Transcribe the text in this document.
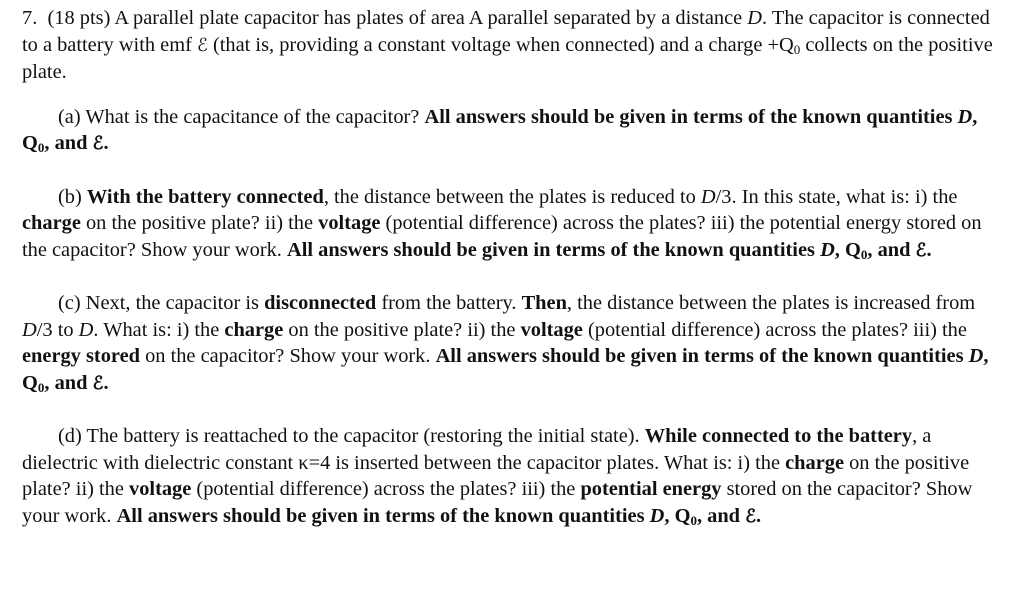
7. (18 pts) A parallel plate capacitor has plates of area A parallel separated by a distance D. The capacitor is connected to a battery with emf ℰ (that is, providing a constant voltage when connected) and a charge $+Q_0$ collects on the positive plate.

(a) What is the capacitance of the capacitor? All answers should be given in terms of the known quantities D, $Q_0$, and ℰ.

(b) With the battery connected, the distance between the plates is reduced to D/3. In this state, what is: i) the charge on the positive plate? ii) the voltage (potential difference) across the plates? iii) the potential energy stored on the capacitor? Show your work. All answers should be given in terms of the known quantities D, $Q_0$, and ℰ.

(c) Next, the capacitor is disconnected from the battery. Then, the distance between the plates is increased from D/3 to D. What is: i) the charge on the positive plate? ii) the voltage (potential difference) across the plates? iii) the energy stored on the capacitor? Show your work. All answers should be given in terms of the known quantities D, $Q_0$, and ℰ.

(d) The battery is reattached to the capacitor (restoring the initial state). While connected to the battery, a dielectric with dielectric constant κ=4 is inserted between the capacitor plates. What is: i) the charge on the positive plate? ii) the voltage (potential difference) across the plates? iii) the potential energy stored on the capacitor? Show your work. All answers should be given in terms of the known quantities D, $Q_0$, and ℰ.
